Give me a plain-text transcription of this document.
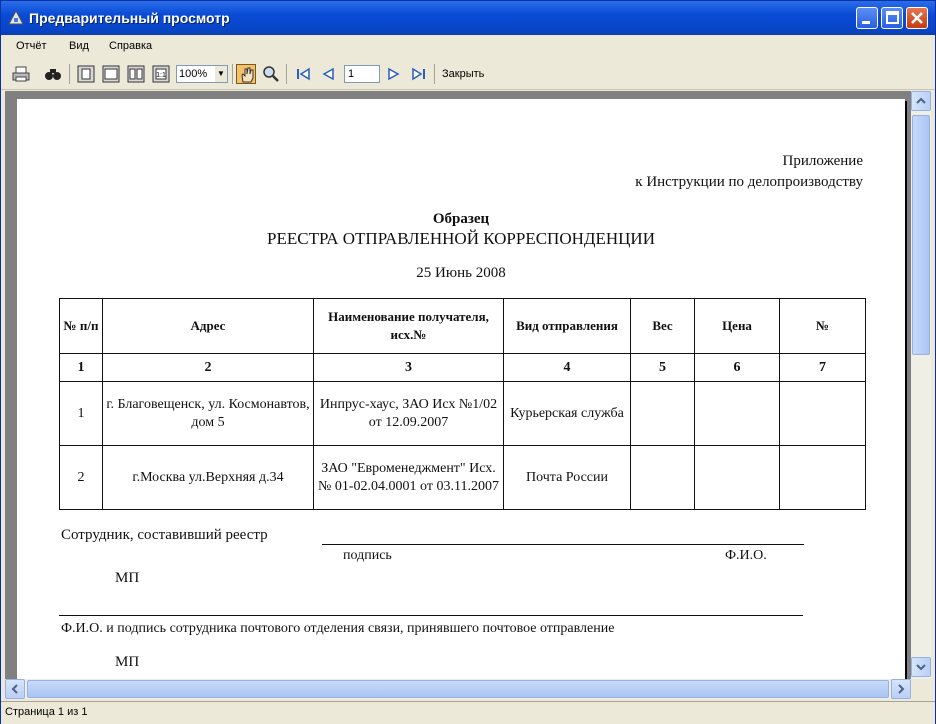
Предварительный просмотр
Отчёт Вид Справка
1:1 100% ▼	1	Закрыть
Приложение
к Инструкции по делопроизводству
Образец
РЕЕСТРА ОТПРАВЛЕННОЙ КОРРЕСПОНДЕНЦИИ
25 Июнь 2008
№ п/п	Адрес	Наименование получателя, исх.№	Вид отправления	Вес	Цена	№
1	2	3	4	5	6	7
1	г. Благовещенск, ул. Космонавтов, дом 5	Инпрус-хаус, ЗАО Исх №1/02 от 12.09.2007	Курьерская служба			
2	г.Москва ул.Верхняя д.34	ЗАО "Евроменеджмент" Исх. № 01-02.04.0001 от 03.11.2007	Почта России			
Сотрудник, составивший реестр
подпись	Ф.И.О.
МП
Ф.И.О. и подпись сотрудника почтового отделения связи, принявшего почтовое отправление
МП
Страница 1 из 1
